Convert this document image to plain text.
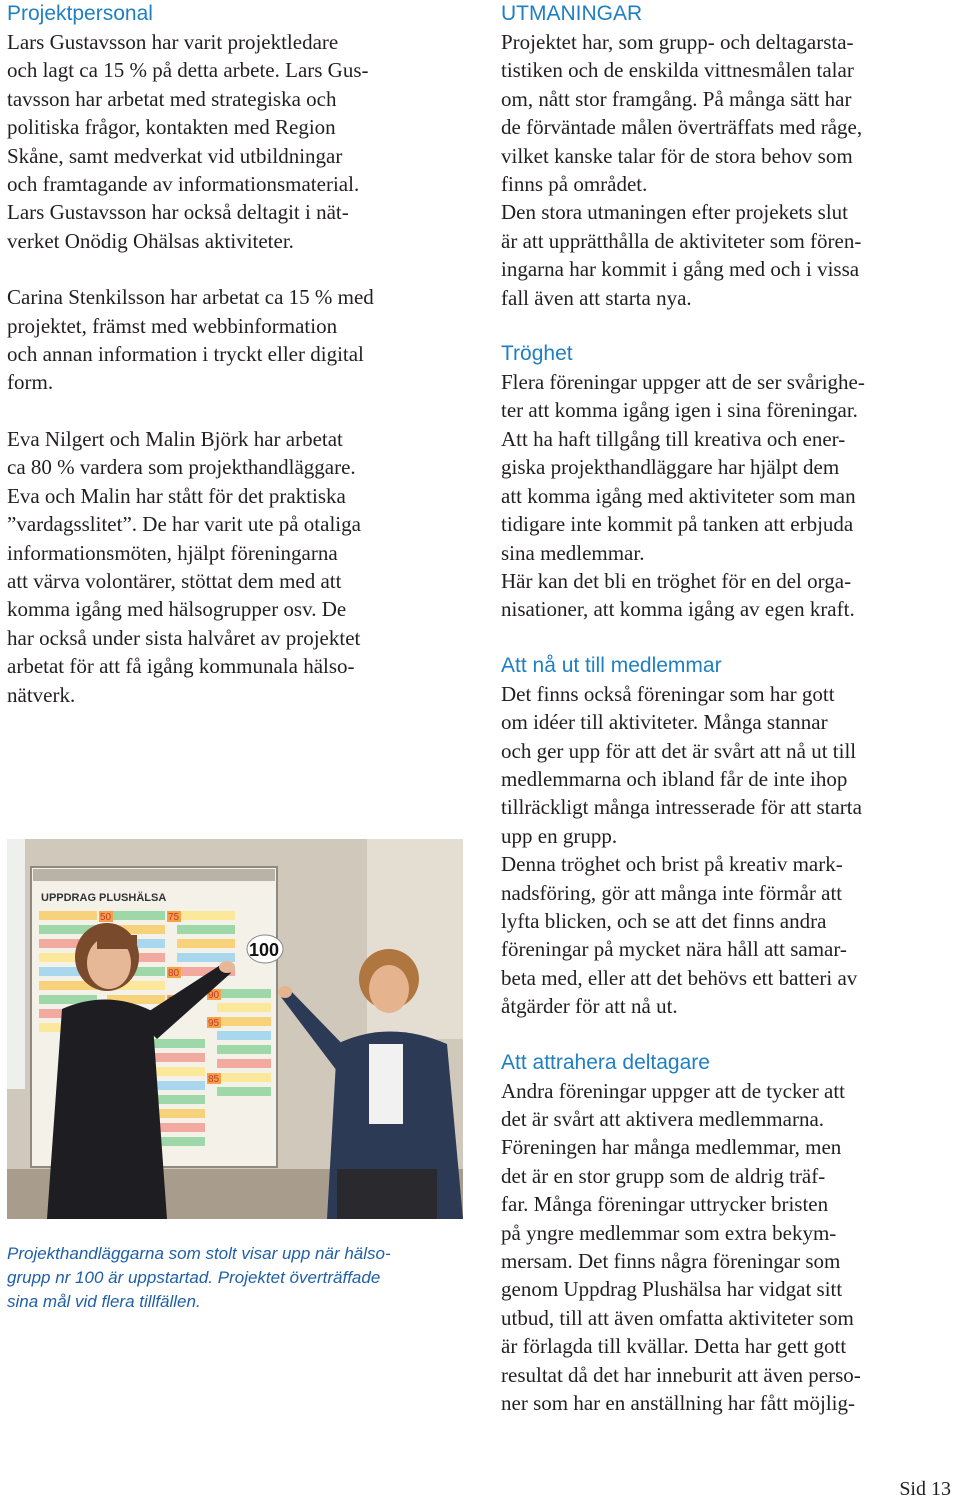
Projektpersonal

Lars Gustavsson har varit projektledare
och lagt ca 15 % på detta arbete. Lars Gus-
tavsson har arbetat med strategiska och
politiska frågor, kontakten med Region
Skåne, samt medverkat vid utbildningar
och framtagande av informationsmaterial.
Lars Gustavsson har också deltagit i nät-
verket Onödig Ohälsas aktiviteter.

Carina Stenkilsson har arbetat ca 15 % med
projektet, främst med webbinformation
och annan information i tryckt eller digital
form.

Eva Nilgert och Malin Björk har arbetat
ca 80 % vardera som projekthandläggare.
Eva och Malin har stått för det praktiska
”vardagsslitet”. De har varit ute på otaliga
informationsmöten, hjälpt föreningarna
att värva volontärer, stöttat dem med att
komma igång med hälsogrupper osv. De
har också under sista halvåret av projektet
arbetat för att få igång kommunala hälso-
nätverk.

UPPDRAG PLUSHÄLSA
50	75
80
90
95
85
100
Projekthandläggarna som stolt visar upp när hälso-
grupp nr 100 är uppstartad. Projektet överträffade
sina mål vid flera tillfällen.
UTMANINGAR

Projektet har, som grupp- och deltagarsta-
tistiken och de enskilda vittnesmålen talar
om, nått stor framgång. På många sätt har
de förväntade målen överträffats med råge,
vilket kanske talar för de stora behov som
finns på området.

Den stora utmaningen efter projekets slut
är att upprätthålla de aktiviteter som fören-
ingarna har kommit i gång med och i vissa
fall även att starta nya.

Tröghet

Flera föreningar uppger att de ser svårighe-
ter att komma igång igen i sina föreningar.
Att ha haft tillgång till kreativa och ener-
giska projekthandläggare har hjälpt dem
att komma igång med aktiviteter som man
tidigare inte kommit på tanken att erbjuda
sina medlemmar.

Här kan det bli en tröghet för en del orga-
nisationer, att komma igång av egen kraft.

Att nå ut till medlemmar

Det finns också föreningar som har gott
om idéer till aktiviteter. Många stannar
och ger upp för att det är svårt att nå ut till
medlemmarna och ibland får de inte ihop
tillräckligt många intresserade för att starta
upp en grupp.

Denna tröghet och brist på kreativ mark-
nadsföring, gör att många inte förmår att
lyfta blicken, och se att det finns andra
föreningar på mycket nära håll att samar-
beta med, eller att det behövs ett batteri av
åtgärder för att nå ut.

Att attrahera deltagare

Andra föreningar uppger att de tycker att
det är svårt att aktivera medlemmarna.
Föreningen har många medlemmar, men
det är en stor grupp som de aldrig träf-
far. Många föreningar uttrycker bristen
på yngre medlemmar som extra bekym-
mersam. Det finns några föreningar som
genom Uppdrag Plushälsa har vidgat sitt
utbud, till att även omfatta aktiviteter som
är förlagda till kvällar. Detta har gett gott
resultat då det har inneburit att även perso-
ner som har en anställning har fått möjlig-

Sid 13
